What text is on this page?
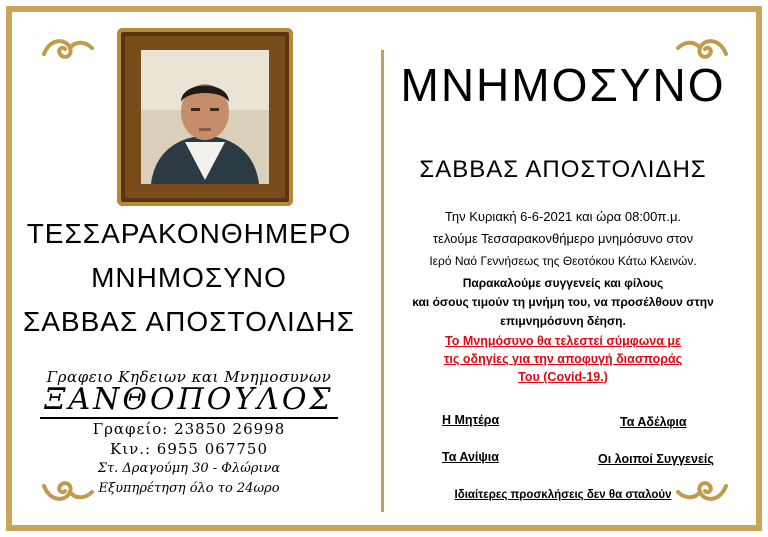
ΤΕΣΣΑΡΑΚΟΝΘΗΜΕΡΟ
ΜΝΗΜΟΣΥΝΟ
ΣΑΒΒΑΣ ΑΠΟΣΤΟΛΙΔΗΣ
Γραφειο Κηδειων και Μνημοσυνων
ΞΑΝΘΟΠΟΥΛΟΣ
Γραφείο: 23850 26998
Κιν.: 6955 067750
Στ. Δραγούμη 30 - Φλώρινα
Εξυπηρέτηση όλο το 24ωρο
ΜΝΗΜΟΣΥΝΟ
ΣΑΒΒΑΣ ΑΠΟΣΤΟΛΙΔΗΣ
Την Κυριακή 6-6-2021 και ώρα 08:00π.μ.
τελούμε Τεσσαρακονθήμερο μνημόσυνο στον
Ιερό Ναό Γεννήσεως της Θεοτόκου Κάτω Κλεινών.
Παρακαλούμε συγγενείς και φίλους
και όσους τιμούν τη μνήμη του, να προσέλθουν στην
επιμνημόσυνη δέηση.
Το Μνημόσυνο θα τελεστεί σύμφωνα με
τις οδηγίες για την αποφυγή διασποράς
Του (Covid-19.)
Η Μητέρα	Τα Αδέλφια
Τα Ανίψια	Οι λοιποί Συγγενείς
Ιδιαίτερες προσκλήσεις δεν θα σταλούν
